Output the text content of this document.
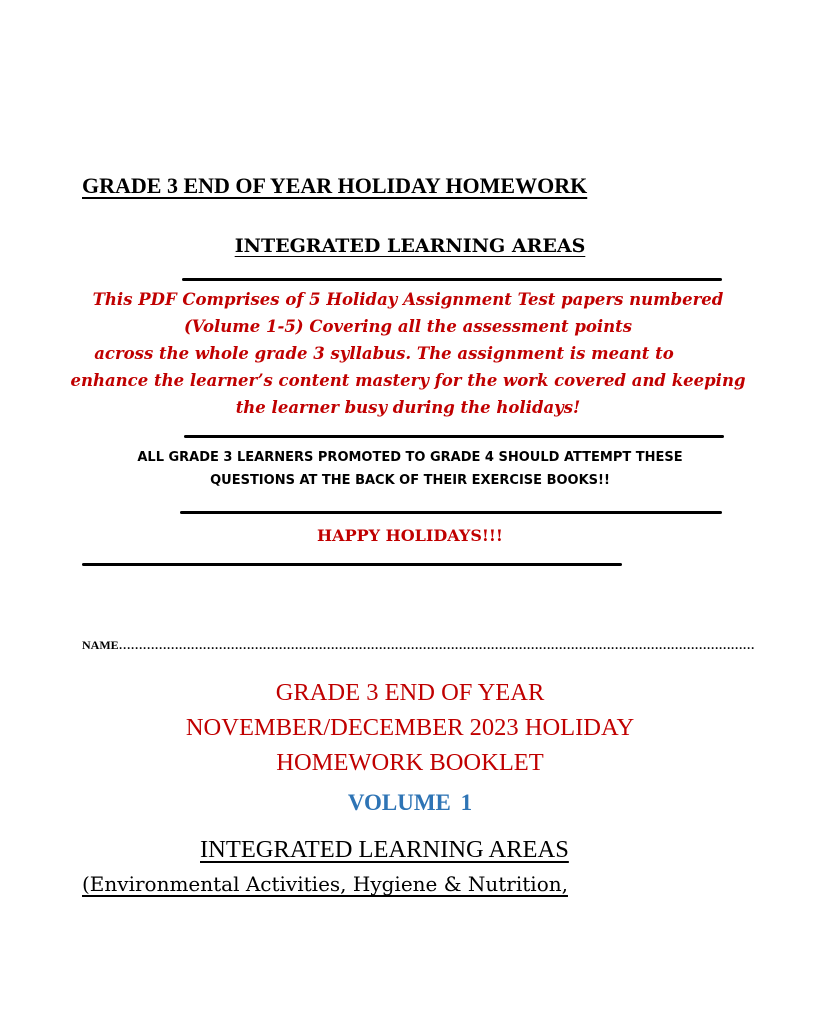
GRADE 3 END OF YEAR HOLIDAY HOMEWORK
INTEGRATED LEARNING AREAS
This PDF Comprises of 5 Holiday Assignment Test papers numbered
(Volume 1-5) Covering all the assessment points
across the whole grade 3 syllabus. The assignment is meant to
enhance the learner’s content mastery for the work covered and keeping
the learner busy during the holidays!
ALL GRADE 3 LEARNERS PROMOTED TO GRADE 4 SHOULD ATTEMPT THESE
QUESTIONS AT THE BACK OF THEIR EXERCISE BOOKS!!
HAPPY HOLIDAYS!!!
NAME……………………………………………………………………………………………………………………………………………
GRADE 3 END OF YEAR
NOVEMBER/DECEMBER 2023 HOLIDAY
HOMEWORK BOOKLET
VOLUME 1
INTEGRATED LEARNING AREAS
(Environmental Activities, Hygiene & Nutrition,
